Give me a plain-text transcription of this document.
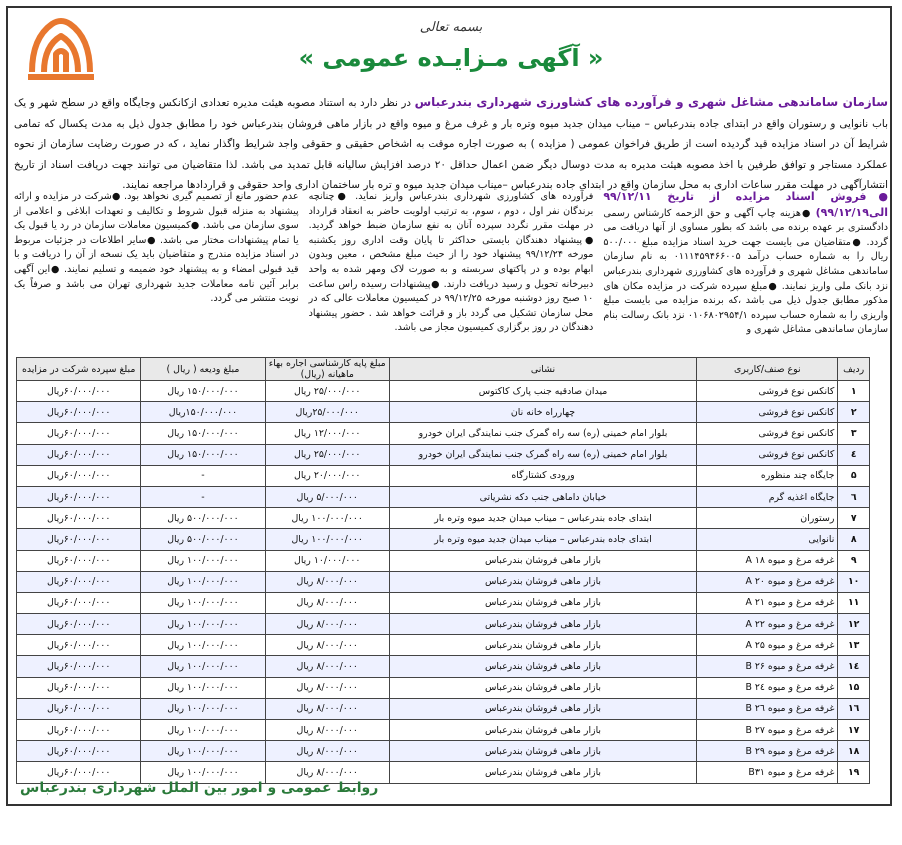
بسمه تعالی
« آگهی مـزایـده عمومی »
سازمان ساماندهی مشاغل شهری و فرآورده های کشاورزی شهرداری بندرعباس در نظر دارد به استناد مصوبه هیئت مدیره تعدادی ازکانکس وجایگاه واقع در سطح شهر و یک باب نانوایی و رستوران واقع در ابتدای جاده بندرعباس – میناب میدان جدید میوه وتره بار و غرف مرغ و میوه واقع در بازار ماهی فروشان بندرعباس خود را مطابق جدول ذیل به مدت یکسال که تمامی شرایط آن در اسناد مزایده قید گردیده است از طریق فراخوان عمومی ( مزایده ) به صورت اجاره موقت به اشخاص حقیقی و حقوقی واجد شرایط واگذار نماید ، که در صورت رضایت سازمان از نحوه عملکرد مستاجر و توافق طرفین با اخذ مصوبه هیئت مدیره به مدت دوسال دیگر ضمن اعمال حداقل ۲۰ درصد افزایش سالیانه قابل تمدید می باشد. لذا متقاضیان می توانند جهت دریافت اسناد از تاریخ انتشارآگهی در مهلت مقرر ساعات اداری به محل سازمان واقع در ابتدای جاده بندرعباس –میناب میدان جدید میوه و تره بار ساختمان اداری واحد حقوقی و قراردادها مراجعه نمایند.
●فروش اسناد مزایده از تاریخ ۹۹/۱۲/۱۱ الی۹۹/۱۲/۱۹) ●هزینه چاپ آگهی و حق الزحمه کارشناس رسمی دادگستری بر عهده برنده می باشد که بطور مساوی از آنها دریافت می گردد. ●متقاضیان می بایست جهت خرید اسناد مزایده مبلغ ۵۰۰/۰۰۰ ریال را به شماره حساب درآمد ۰۱۱۱۴۵۹۴۶۶۰۰۵ به نام سازمان ساماندهی مشاغل شهری و فرآورده های کشاورزی شهرداری بندرعباس نزد بانک ملی واریز نمایند. ●مبلغ سپرده شرکت در مزایده مکان های مذکور مطابق جدول ذیل می باشد ،که برنده مزایده می بایست مبلغ واریزی را به شماره حساب سپرده ۰۱۰۶۸۰۲۹۵۴/۱ نزد بانک رسالت بنام سازمان ساماندهی مشاغل شهری و
فرآورده های کشاورزی شهرداری بندرعباس واریز نماید. ●چنانچه برندگان نفر اول ، دوم ، سوم، به ترتیب اولویت حاضر به انعقاد قرارداد در مهلت مقرر نگردد سپرده آنان به نفع سازمان ضبط خواهد گردید. ●پیشنهاد دهندگان بایستی حداکثر تا پایان وقت اداری روز یکشنبه مورخه ۹۹/۱۲/۲۴ پیشنهاد خود را از حیث مبلغ مشخص ، معین وبدون ابهام بوده و در پاکتهای سربسته و به صورت لاک ومهر شده به واحد دبیرخانه تحویل و رسید دریافت دارند. ●پیشنهادات رسیده راس ساعت ۱۰ صبح روز دوشنبه مورخه ۹۹/۱۲/۲۵ در کمیسیون معاملات عالی که در محل سازمان تشکیل می گردد باز و قرائت خواهد شد . حضور پیشنهاد دهندگان در روز برگزاری کمیسیون مجاز می باشد.
عدم حضور مانع از تصمیم گیری نخواهد بود. ●شرکت در مزایده و ارائه پیشنهاد به منزله قبول شروط و تکالیف و تعهدات ابلاغی و اعلامی از سوی سازمان می باشد. ●کمیسیون معاملات سازمان در رد یا قبول یک یا تمام پیشنهادات مختار می باشد. ●سایر اطلاعات در جزئیات مربوط در اسناد مزایده مندرج و متقاضیان باید یک نسخه از آن را دریافت و با قید قبولی امضاء و به پیشنهاد خود ضمیمه و تسلیم نمایند. ●این آگهی برابر آئین نامه معاملات جدید شهرداری تهران می باشد و صرفاً یک نوبت منتشر می گردد.
ردیف	نوع صنف/کاربری	نشانی	مبلغ پایه کارشناسی اجاره بهاء ماهیانه (ریال)	مبلغ ودیعه ( ریال )	مبلغ سپرده شرکت در مزایده
۱	کانکس نوع فروشی	میدان صادقیه جنب پارک کاکتوس	۲۵/۰۰۰/۰۰۰ ریال	۱۵۰/۰۰۰/۰۰۰ ریال	۶۰/۰۰۰/۰۰۰ریال
۲	کانکس نوع فروشی	چهارراه خانه نان	۲۵/۰۰۰/۰۰۰ریال	۱۵۰/۰۰۰/۰۰۰ریال	۶۰/۰۰۰/۰۰۰ریال
۳	کانکس نوع فروشی	بلوار امام خمینی (ره) سه راه گمرک جنب نمایندگی ایران خودرو	۱۲/۰۰۰/۰۰۰ ریال	۱۵۰/۰۰۰/۰۰۰ ریال	۶۰/۰۰۰/۰۰۰ریال
٤	کانکس نوع فروشی	بلوار امام خمینی (ره) سه راه گمرک جنب نمایندگی ایران خودرو	۲۵/۰۰۰/۰۰۰ ریال	۱۵۰/۰۰۰/۰۰۰ ریال	۶۰/۰۰۰/۰۰۰ریال
۵	جایگاه چند منظوره	ورودی کشتارگاه	۲۰/۰۰۰/۰۰۰ ریال	-	۶۰/۰۰۰/۰۰۰ریال
٦	جایگاه اغذیه گرم	خیابان داماهی جنب دکه نشریاتی	۵/۰۰۰/۰۰۰ ریال	-	۶۰/۰۰۰/۰۰۰ریال
۷	رستوران	ابتدای جاده بندرعباس – میناب میدان جدید میوه وتره بار	۱۰۰/۰۰۰/۰۰۰ ریال	۵۰۰/۰۰۰/۰۰۰ ریال	۶۰/۰۰۰/۰۰۰ریال
۸	نانوایی	ابتدای جاده بندرعباس – میناب میدان جدید میوه وتره بار	۱۰۰/۰۰۰/۰۰۰ ریال	۵۰۰/۰۰۰/۰۰۰ ریال	۶۰/۰۰۰/۰۰۰ریال
۹	غرفه مرغ و میوه A ۱۸	بازار ماهی فروشان بندرعباس	۱۰/۰۰۰/۰۰۰ ریال	۱۰۰/۰۰۰/۰۰۰ ریال	۶۰/۰۰۰/۰۰۰ریال
۱۰	غرفه مرغ و میوه A ۲۰	بازار ماهی فروشان بندرعباس	۸/۰۰۰/۰۰۰ ریال	۱۰۰/۰۰۰/۰۰۰ ریال	۶۰/۰۰۰/۰۰۰ریال
۱۱	غرفه مرغ و میوه A ۲۱	بازار ماهی فروشان بندرعباس	۸/۰۰۰/۰۰۰ ریال	۱۰۰/۰۰۰/۰۰۰ ریال	۶۰/۰۰۰/۰۰۰ریال
۱۲	غرفه مرغ و میوه A ۲۲	بازار ماهی فروشان بندرعباس	۸/۰۰۰/۰۰۰ ریال	۱۰۰/۰۰۰/۰۰۰ ریال	۶۰/۰۰۰/۰۰۰ریال
۱۳	غرفه مرغ و میوه A ۲۵	بازار ماهی فروشان بندرعباس	۸/۰۰۰/۰۰۰ ریال	۱۰۰/۰۰۰/۰۰۰ ریال	۶۰/۰۰۰/۰۰۰ریال
۱٤	غرفه مرغ و میوه B ۲۶	بازار ماهی فروشان بندرعباس	۸/۰۰۰/۰۰۰ ریال	۱۰۰/۰۰۰/۰۰۰ ریال	۶۰/۰۰۰/۰۰۰ریال
۱۵	غرفه مرغ و میوه B ۲٤	بازار ماهی فروشان بندرعباس	۸/۰۰۰/۰۰۰ ریال	۱۰۰/۰۰۰/۰۰۰ ریال	۶۰/۰۰۰/۰۰۰ریال
۱٦	غرفه مرغ و میوه B ۲٦	بازار ماهی فروشان بندرعباس	۸/۰۰۰/۰۰۰ ریال	۱۰۰/۰۰۰/۰۰۰ ریال	۶۰/۰۰۰/۰۰۰ریال
۱۷	غرفه مرغ و میوه B ۲۷	بازار ماهی فروشان بندرعباس	۸/۰۰۰/۰۰۰ ریال	۱۰۰/۰۰۰/۰۰۰ ریال	۶۰/۰۰۰/۰۰۰ریال
۱۸	غرفه مرغ و میوه B ۲۹	بازار ماهی فروشان بندرعباس	۸/۰۰۰/۰۰۰ ریال	۱۰۰/۰۰۰/۰۰۰ ریال	۶۰/۰۰۰/۰۰۰ریال
۱۹	غرفه مرغ و میوه B۳۱	بازار ماهی فروشان بندرعباس	۸/۰۰۰/۰۰۰ ریال	۱۰۰/۰۰۰/۰۰۰ ریال	۶۰/۰۰۰/۰۰۰ریال
روابط عمومی و امور بین الملل شهرداری بندرعباس
